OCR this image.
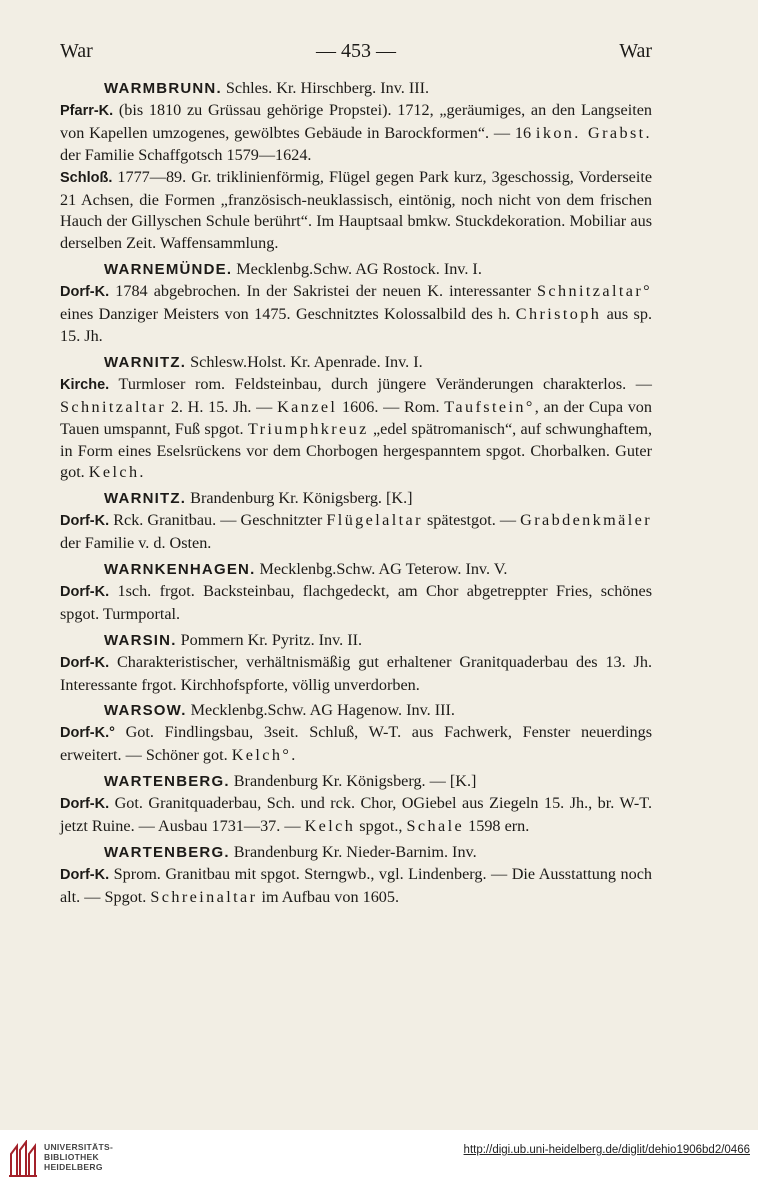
War	— 453 —	War
WARMBRUNN. Schles. Kr. Hirschberg. Inv. III.
Pfarr-K. (bis 1810 zu Grüssau gehörige Propstei). 1712, „geräumiges, an den Langseiten von Kapellen umzogenes, gewölbtes Gebäude in Barockformen“. — 16 ikon. Grabst. der Familie Schaffgotsch 1579—1624.
Schloß. 1777—89. Gr. triklinienförmig, Flügel gegen Park kurz, 3geschossig, Vorderseite 21 Achsen, die Formen „französisch-neuklassisch, eintönig, noch nicht von dem frischen Hauch der Gillyschen Schule berührt“. Im Hauptsaal bmkw. Stuckdekoration. Mobiliar aus derselben Zeit. Waffensammlung.
WARNEMÜNDE. Mecklenbg.Schw. AG Rostock. Inv. I.
Dorf-K. 1784 abgebrochen. In der Sakristei der neuen K. interessanter Schnitzaltar° eines Danziger Meisters von 1475. Geschnitztes Kolossalbild des h. Christoph aus sp. 15. Jh.
WARNITZ. Schlesw.Holst. Kr. Apenrade. Inv. I.
Kirche. Turmloser rom. Feldsteinbau, durch jüngere Veränderungen charakterlos. — Schnitzaltar 2. H. 15. Jh. — Kanzel 1606. — Rom. Taufstein°, an der Cupa von Tauen umspannt, Fuß spgot. Triumphkreuz „edel spätromanisch“, auf schwunghaftem, in Form eines Eselsrückens vor dem Chorbogen hergespanntem spgot. Chorbalken. Guter got. Kelch.
WARNITZ. Brandenburg Kr. Königsberg. [K.]
Dorf-K. Rck. Granitbau. — Geschnitzter Flügelaltar spätestgot. — Grabdenkmäler der Familie v. d. Osten.
WARNKENHAGEN. Mecklenbg.Schw. AG Teterow. Inv. V.
Dorf-K. 1sch. frgot. Backsteinbau, flachgedeckt, am Chor abgetreppter Fries, schönes spgot. Turmportal.
WARSIN. Pommern Kr. Pyritz. Inv. II.
Dorf-K. Charakteristischer, verhältnismäßig gut erhaltener Granitquaderbau des 13. Jh. Interessante frgot. Kirchhofspforte, völlig unverdorben.
WARSOW. Mecklenbg.Schw. AG Hagenow. Inv. III.
Dorf-K.° Got. Findlingsbau, 3seit. Schluß, W-T. aus Fachwerk, Fenster neuerdings erweitert. — Schöner got. Kelch°.
WARTENBERG. Brandenburg Kr. Königsberg. — [K.]
Dorf-K. Got. Granitquaderbau, Sch. und rck. Chor, OGiebel aus Ziegeln 15. Jh., br. W-T. jetzt Ruine. — Ausbau 1731—37. — Kelch spgot., Schale 1598 ern.
WARTENBERG. Brandenburg Kr. Nieder-Barnim. Inv.
Dorf-K. Sprom. Granitbau mit spgot. Sterngwb., vgl. Lindenberg. — Die Ausstattung noch alt. — Spgot. Schreinaltar im Aufbau von 1605.
UNIVERSITÄTS-
BIBLIOTHEK
HEIDELBERG
http://digi.ub.uni-heidelberg.de/diglit/dehio1906bd2/0466
